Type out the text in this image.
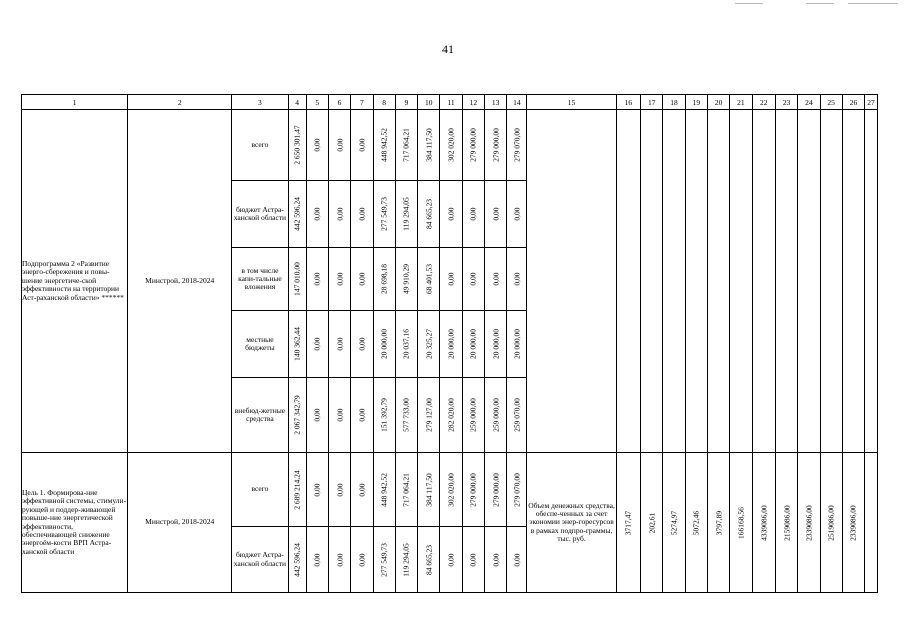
41
1	2	3	4	5	6	7	8	9	10	11	12	13	14	15	16	17	18	19	20	21	22	23	24	25	26	27
Подпрограмма 2 «Развитие энерго-сбережения и повы-шение энергетиче-ской эффективности на территории Аст-раханской области» ******	Минстрой, 2018-2024	всего	2 650 301,47	0,00	0,00	0,00	448 942,52	717 064,21	384 117,50	302 020,00	279 000,00	279 000,00	279 070,00													

		бюджет Астра-ханской области	442 596,24	0,00	0,00	0,00	277 549,73	119 294,05	84 665,23	0,00	0,00	0,00	0,00													

		в том числе капи-тальные вложения	147 010,00	0,00	0,00	0,00	28 698,18	49 910,29	68 401,53	0,00	0,00	0,00	0,00													

		местные бюджеты	140 362,44	0,00	0,00	0,00	20 000,00	20 037,16	20 325,27	20 000,00	20 000,00	20 000,00	20 000,00													

		внебюд-жетные средства	2 067 342,79	0,00	0,00	0,00	151 392,79	577 733,00	279 127,00	282 020,00	259 000,00	259 000,00	259 070,00													

Цель 1. Формирова-ние эффективной системы, стимули-рующей и поддер-живающей повыше-ние энергетической эффективности, обеспечивающей снижение энергоём-кости ВРП Астра-ханской области	Минстрой, 2018-2024	всего	2 689 214,24	0,00	0,00	0,00	448 942,52	717 064,21	384 117,50	302 020,00	279 000,00	279 000,00	279 070,00	Объем денежных средства, обеспе-ченных за счет экономии энер-горесурсов в рамках подпро-граммы, тыс. руб.	3717,47	202,61	5274,97	5072,46	3797,89	166168,56	4339086,00	2159086,00	2339086,00	2519086,00	2339086,00	

		бюджет Астра-ханской области	442 596,24	0,00	0,00	0,00	277 549,73	119 294,05	84 665,23	0,00	0,00	0,00	0,00													
